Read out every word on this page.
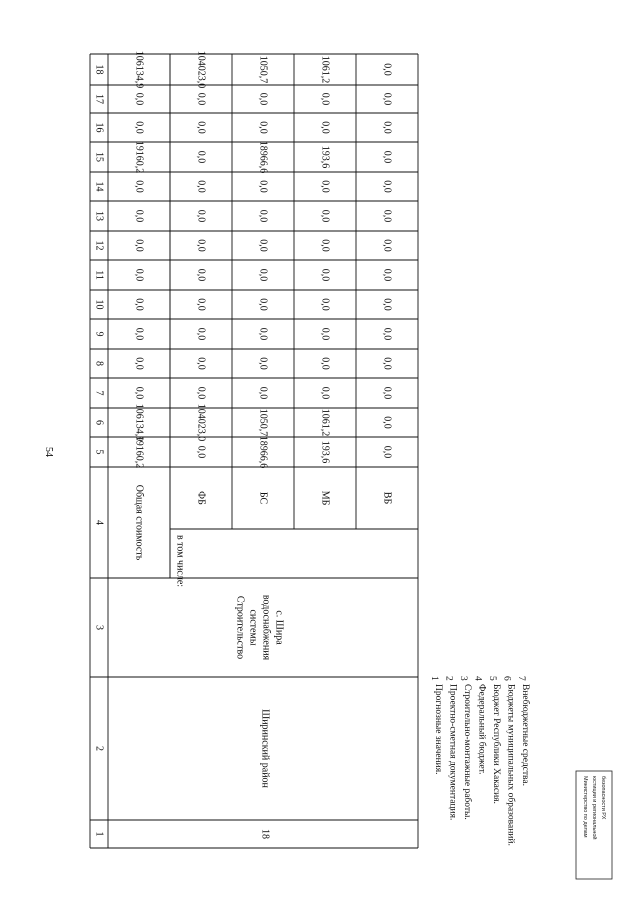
54
1
2
3
4
5
6
7
8
9
10
11
12
13
14
15
16
17
18
18
Ширинский район
Строительство системы водоснабжения с. Шира
Общая стоимость
в том числе:
19160,2
106134,9
0,0
0,0
0,0
0,0
0,0
0,0
0,0
0,0
19160,2
0,0
0,0
106134,9
ФБ
0,0
104023,0
0,0
0,0
0,0
0,0
0,0
0,0
0,0
0,0
0,0
0,0
0,0
104023,0
БС
18966,6
1050,7
0,0
0,0
0,0
0,0
0,0
0,0
0,0
0,0
18966,6
0,0
0,0
1050,7
МБ
193,6
1061,2
0,0
0,0
0,0
0,0
0,0
0,0
0,0
0,0
193,6
0,0
0,0
1061,2
ВБ
0,0
0,0
0,0
0,0
0,0
0,0
0,0
0,0
0,0
0,0
0,0
0,0
0,0
0,0
1
Прогнозные значения.
2
Проектно-сметная документация.
3
Строительно-монтажные работы.
4
Федеральный бюджет.
5
Бюджет Республики Хакасия.
6
Бюджеты муниципальных образований.
7
Внебюджетные средства.
Министерство по делам юстиции и региональной безопасности РХ
